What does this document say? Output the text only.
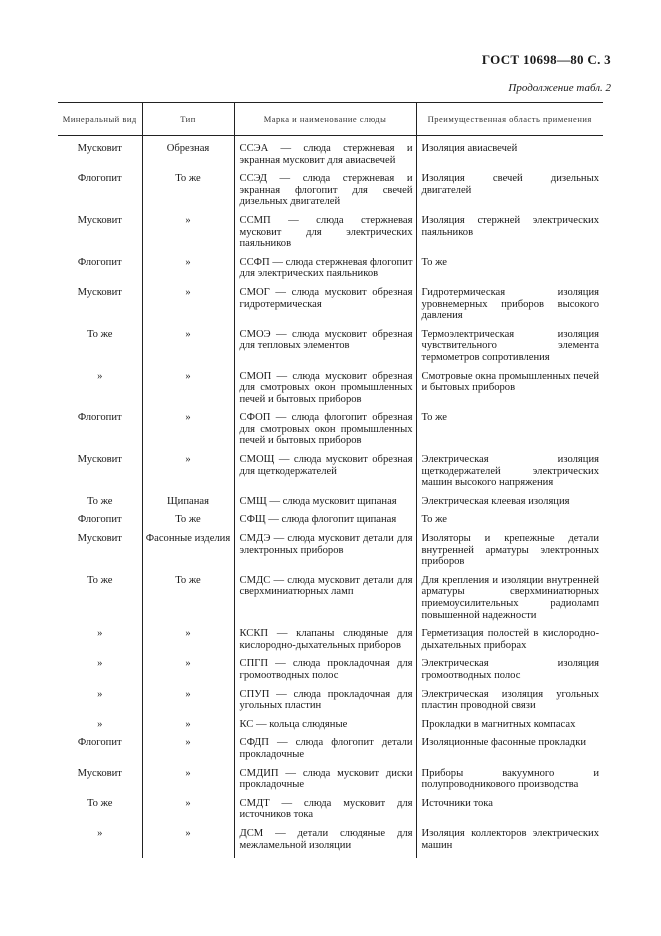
ГОСТ 10698—80 С. 3
Продолжение табл. 2
Минеральный вид	Тип	Марка и наименование слюды	Преимущественная область применения
Мусковит	Обрезная	ССЭА — слюда стержневая и экранная мусковит для авиасвечей	Изоляция авиасвечей
Флогопит	То же	ССЭД — слюда стержневая и экранная флогопит для свечей дизельных двигателей	Изоляция свечей дизельных двигателей
Мусковит	»	ССМП — слюда стержневая мусковит для электрических паяльников	Изоляция стержней электрических паяльников
Флогопит	»	ССФП — слюда стержневая флогопит для электрических паяльников	То же
Мусковит	»	СМОГ — слюда мусковит обрезная гидротермическая	Гидротермическая изоляция уровнемерных приборов высокого давления
То же	»	СМОЭ — слюда мусковит обрезная для тепловых элементов	Термоэлектрическая изоляция чувствительного элемента термометров сопротивления
»	»	СМОП — слюда мусковит обрезная для смотровых окон промышленных печей и бытовых приборов	Смотровые окна промышленных печей и бытовых приборов
Флогопит	»	СФОП — слюда флогопит обрезная для смотровых окон промышленных печей и бытовых приборов	То же
Мусковит	»	СМОЩ — слюда мусковит обрезная для щеткодержателей	Электрическая изоляция щеткодержателей электрических машин высокого напряжения
То же	Щипаная	СМЩ — слюда мусковит щипаная	Электрическая клеевая изоляция
Флогопит	То же	СФЩ — слюда флогопит щипаная	То же
Мусковит	Фасонные изделия	СМДЭ — слюда мусковит детали для электронных приборов	Изоляторы и крепежные детали внутренней арматуры электронных приборов
То же	То же	СМДС — слюда мусковит детали для сверхминиатюрных ламп	Для крепления и изоляции внутренней арматуры сверхминиатюрных приемоусилительных радиоламп повышенной надежности
»	»	КСКП — клапаны слюдяные для кислородно-дыхательных приборов	Герметизация полостей в кислородно-дыхательных приборах
»	»	СПГП — слюда прокладочная для громоотводных полос	Электрическая изоляция громоотводных полос
»	»	СПУП — слюда прокладочная для угольных пластин	Электрическая изоляция угольных пластин проводной связи
»	»	КС — кольца слюдяные	Прокладки в магнитных компасах
Флогопит	»	СФДП — слюда флогопит детали прокладочные	Изоляционные фасонные прокладки
Мусковит	»	СМДИП — слюда мусковит диски прокладочные	Приборы вакуумного и полупроводникового производства
То же	»	СМДТ — слюда мусковит для источников тока	Источники тока
»	»	ДСМ — детали слюдяные для межламельной изоляции	Изоляция коллекторов электрических машин
